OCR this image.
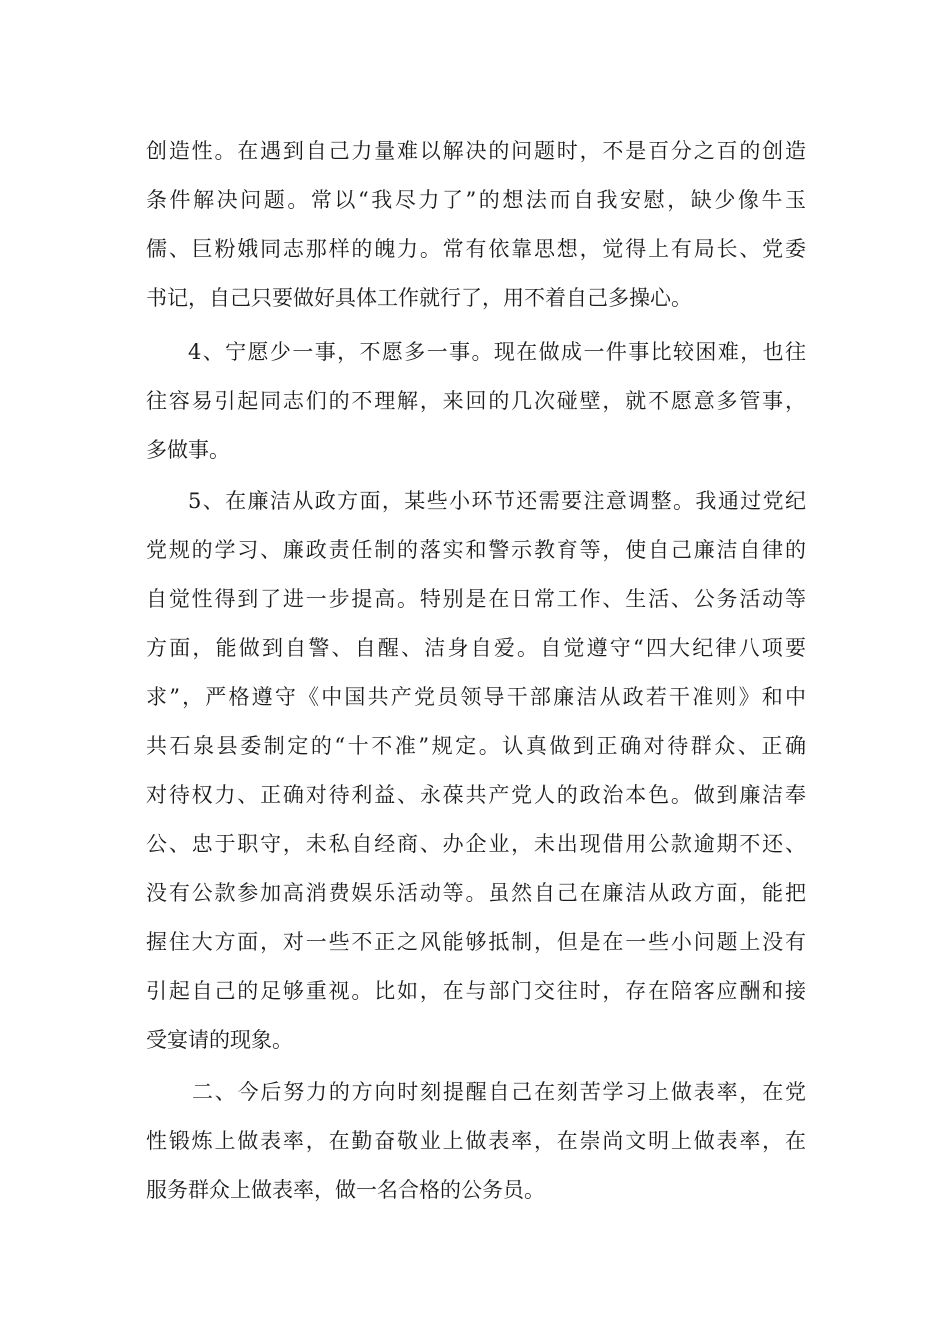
创造性。在遇到自己力量难以解决的问题时，不是百分之百的创造
条件解决问题。常以“我尽力了”的想法而自我安慰，缺少像牛玉
儒、巨粉娥同志那样的魄力。常有依靠思想，觉得上有局长、党委
书记，自己只要做好具体工作就行了，用不着自己多操心。
4、宁愿少一事，不愿多一事。现在做成一件事比较困难，也往
往容易引起同志们的不理解，来回的几次碰壁，就不愿意多管事，
多做事。
5、在廉洁从政方面，某些小环节还需要注意调整。我通过党纪
党规的学习、廉政责任制的落实和警示教育等，使自己廉洁自律的
自觉性得到了进一步提高。特别是在日常工作、生活、公务活动等
方面，能做到自警、自醒、洁身自爱。自觉遵守“四大纪律八项要
求”，严格遵守《中国共产党员领导干部廉洁从政若干准则》和中
共石泉县委制定的“十不准”规定。认真做到正确对待群众、正确
对待权力、正确对待利益、永葆共产党人的政治本色。做到廉洁奉
公、忠于职守，未私自经商、办企业，未出现借用公款逾期不还、
没有公款参加高消费娱乐活动等。虽然自己在廉洁从政方面，能把
握住大方面，对一些不正之风能够抵制，但是在一些小问题上没有
引起自己的足够重视。比如，在与部门交往时，存在陪客应酬和接
受宴请的现象。
二、今后努力的方向时刻提醒自己在刻苦学习上做表率，在党
性锻炼上做表率，在勤奋敬业上做表率，在崇尚文明上做表率，在
服务群众上做表率，做一名合格的公务员。
